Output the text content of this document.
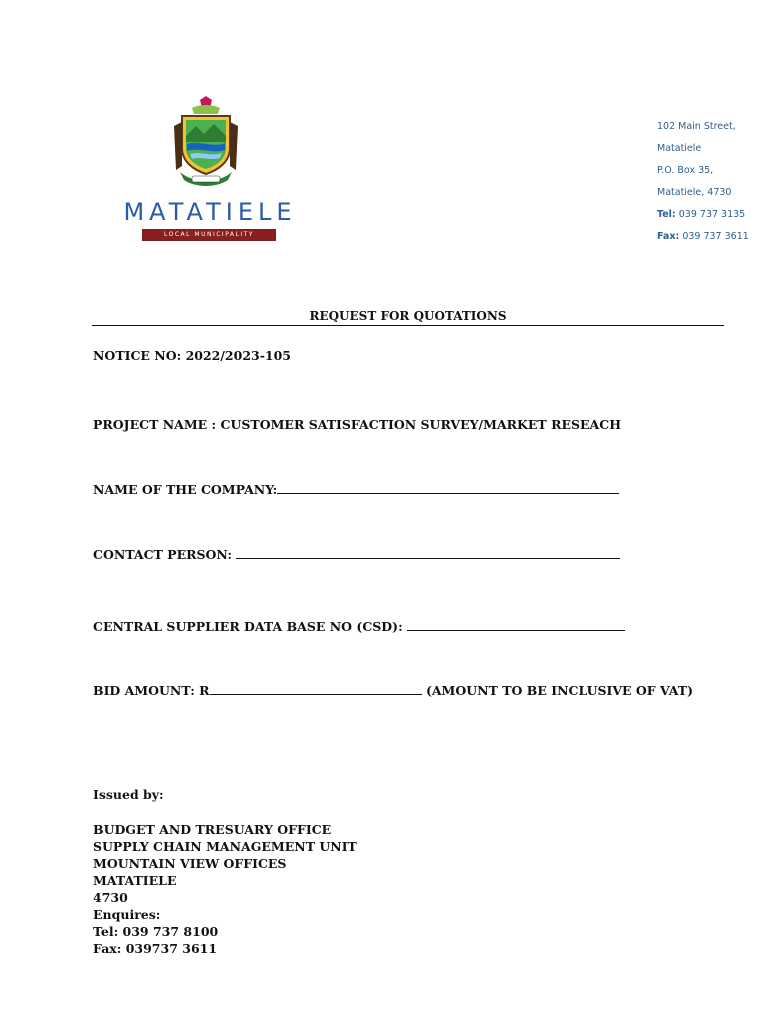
MATATIELE
LOCAL MUNICIPALITY
102 Main Street,
Matatiele
P.O. Box 35,
Matatiele, 4730
Tel: 039 737 3135
Fax: 039 737 3611
REQUEST FOR QUOTATIONS
NOTICE NO: 2022/2023-105
PROJECT NAME : CUSTOMER SATISFACTION SURVEY/MARKET RESEACH
NAME OF THE COMPANY:
CONTACT PERSON:
CENTRAL SUPPLIER DATA BASE NO (CSD):
BID AMOUNT: R	(AMOUNT TO BE INCLUSIVE OF VAT)
Issued by:
BUDGET AND TRESUARY OFFICE
SUPPLY CHAIN MANAGEMENT UNIT
MOUNTAIN VIEW OFFICES
MATATIELE
4730
Enquires:
Tel: 039 737 8100
Fax: 039737 3611
